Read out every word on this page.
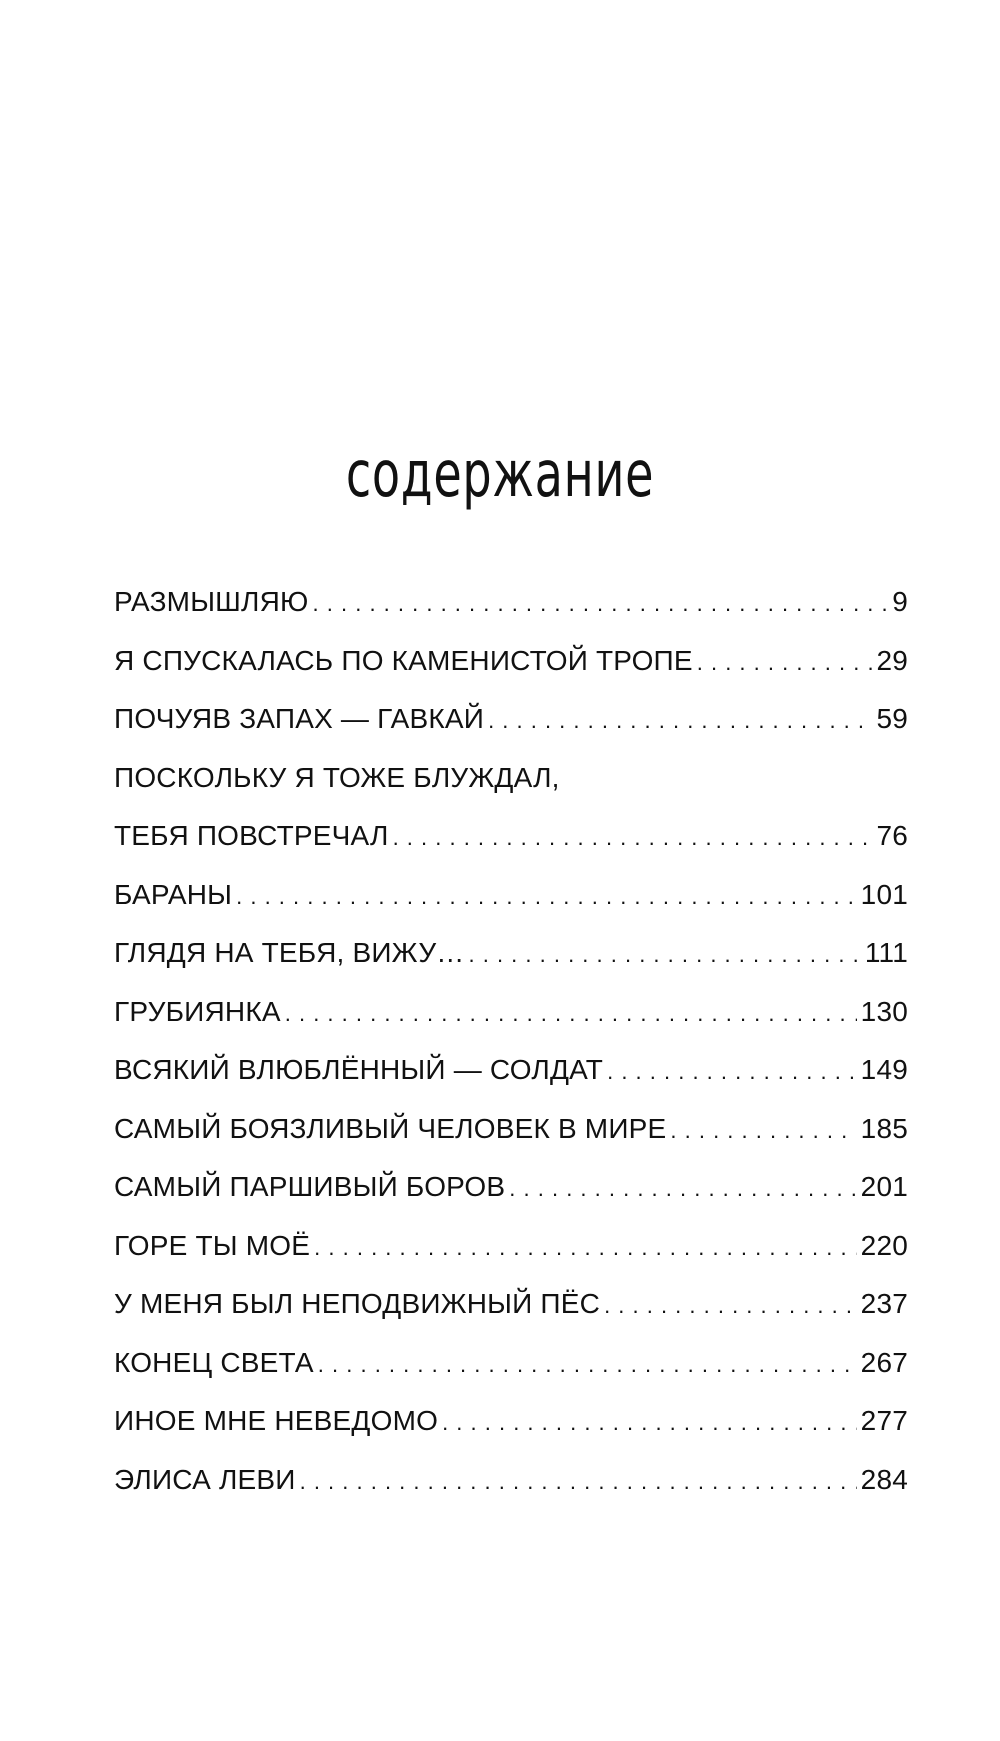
содержание
РАЗМЫШЛЯЮ . . .	9
Я СПУСКАЛАСЬ ПО КАМЕНИСТОЙ ТРОПЕ . . .	29
ПОЧУЯВ ЗАПАХ — ГАВКАЙ . . .	59
ПОСКОЛЬКУ Я ТОЖЕ БЛУЖДАЛ,
ТЕБЯ ПОВСТРЕЧАЛ . . .	76
БАРАНЫ . . .	101
ГЛЯДЯ НА ТЕБЯ, ВИЖУ… . . .	111
ГРУБИЯНКА . . .	130
ВСЯКИЙ ВЛЮБЛЁННЫЙ — СОЛДАТ . . .	149
САМЫЙ БОЯЗЛИВЫЙ ЧЕЛОВЕК В МИРЕ . . .	185
САМЫЙ ПАРШИВЫЙ БОРОВ . . .	201
ГОРЕ ТЫ МОЁ . . .	220
У МЕНЯ БЫЛ НЕПОДВИЖНЫЙ ПЁС . . .	237
КОНЕЦ СВЕТА . . .	267
ИНОЕ МНЕ НЕВЕДОМО . . .	277
ЭЛИСА ЛЕВИ . . .	284
